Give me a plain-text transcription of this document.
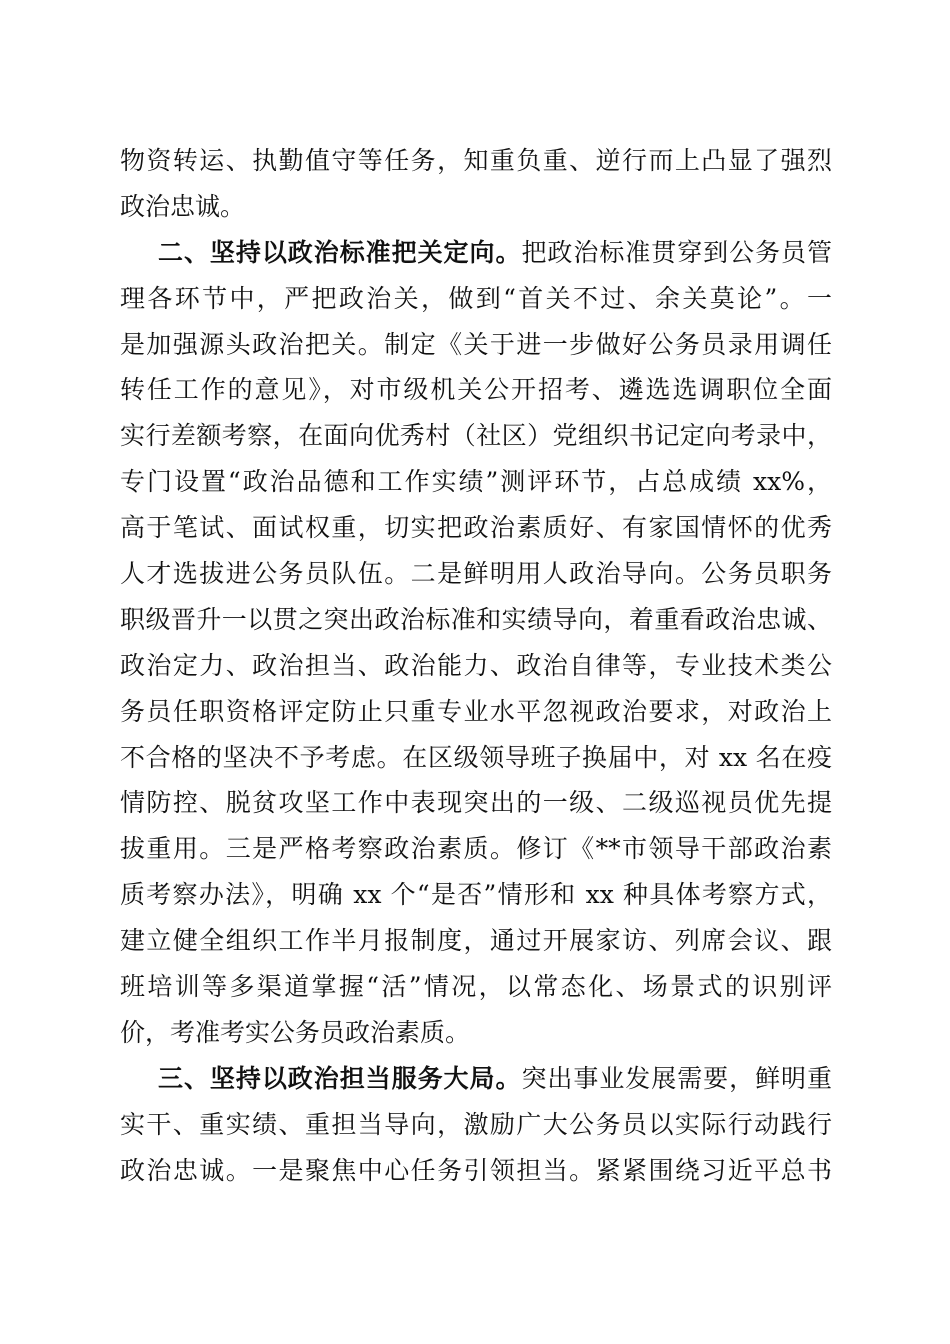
物资转运、执勤值守等任务，知重负重、逆行而上凸显了强烈
政治忠诚。
二、坚持以政治标准把关定向。把政治标准贯穿到公务员管
理各环节中，严把政治关，做到“首关不过、余关莫论”。一
是加强源头政治把关。制定《关于进一步做好公务员录用调任
转任工作的意见》，对市级机关公开招考、遴选选调职位全面
实行差额考察，在面向优秀村（社区）党组织书记定向考录中，
专门设置“政治品德和工作实绩”测评环节，占总成绩 xx%，
高于笔试、面试权重，切实把政治素质好、有家国情怀的优秀
人才选拔进公务员队伍。二是鲜明用人政治导向。公务员职务
职级晋升一以贯之突出政治标准和实绩导向，着重看政治忠诚、
政治定力、政治担当、政治能力、政治自律等，专业技术类公
务员任职资格评定防止只重专业水平忽视政治要求，对政治上
不合格的坚决不予考虑。在区级领导班子换届中，对 xx 名在疫
情防控、脱贫攻坚工作中表现突出的一级、二级巡视员优先提
拔重用。三是严格考察政治素质。修订《**市领导干部政治素
质考察办法》，明确 xx 个“是否”情形和 xx 种具体考察方式，
建立健全组织工作半月报制度，通过开展家访、列席会议、跟
班培训等多渠道掌握“活”情况，以常态化、场景式的识别评
价，考准考实公务员政治素质。
三、坚持以政治担当服务大局。突出事业发展需要，鲜明重
实干、重实绩、重担当导向，激励广大公务员以实际行动践行
政治忠诚。一是聚焦中心任务引领担当。紧紧围绕习近平总书
